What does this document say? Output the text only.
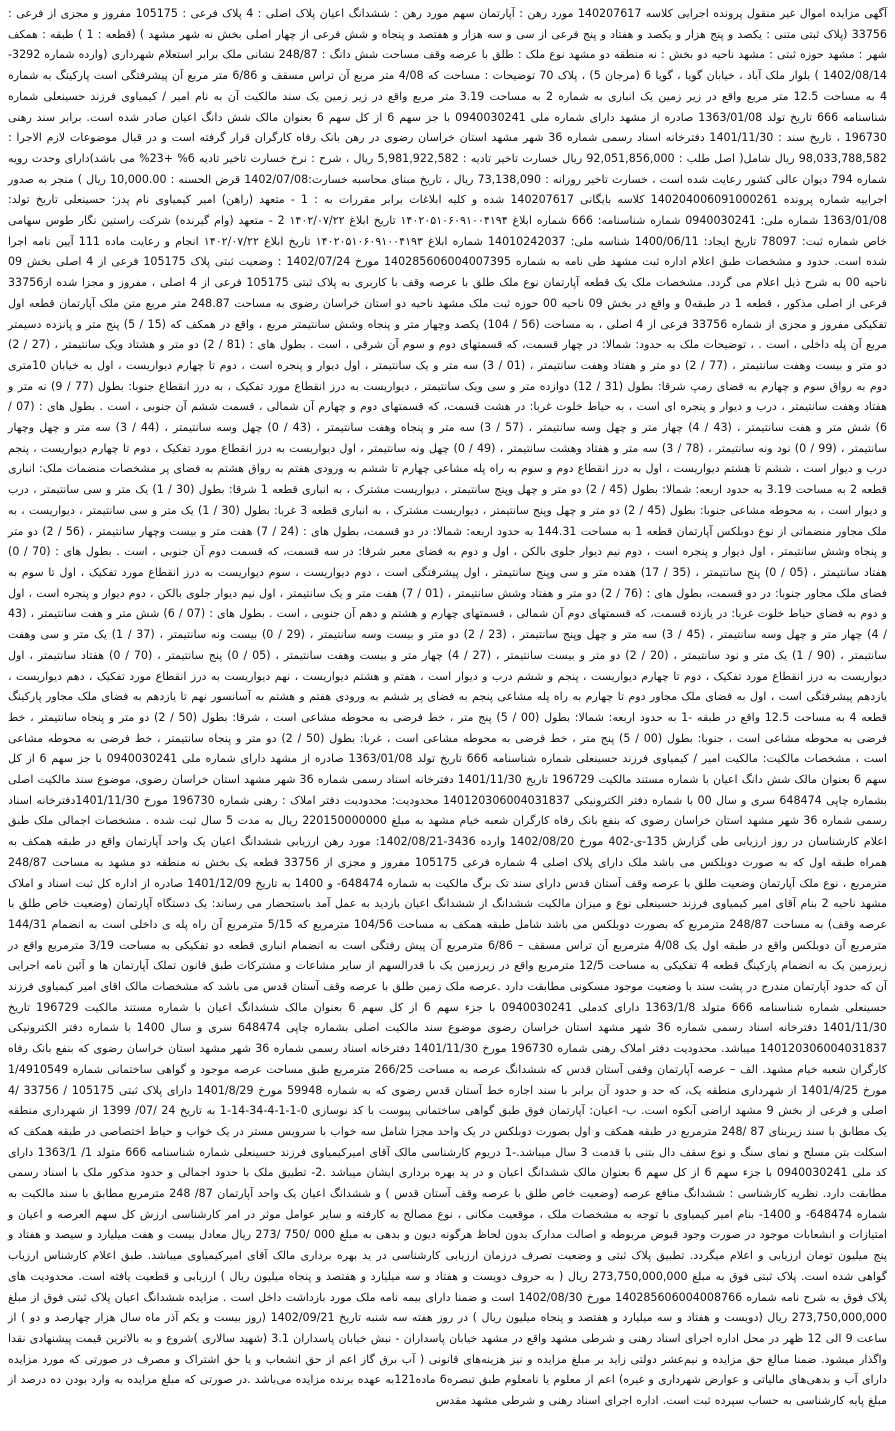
آگهی مزایده اموال غیر منقول پرونده اجرایی کلاسه 140207617 مورد رهن : آپارتمان سهم مورد رهن : ششدانگ اعیان پلاک اصلی : 4 پلاک فرعی : 105175 مفروز و مجزی از فرعی : 33756 (پلاک ثبتی متنی : یکصد و پنج هزار و یکصد و هفتاد و پنج فرعی از سی و سه هزار و هفتصد و پنجاه و شش فرعی از چهار اصلی بخش نه شهر مشهد ) (قطعه : 1 ) طبقه : همکف شهر : مشهد حوزه ثبتی : مشهد ناحیه دو بخش : نه منطقه دو مشهد نوع ملک : طلق با عرصه وقف مساحت شش دانگ : 248/87 نشانی ملک برابر استعلام شهرداری (وارده شماره 3292-1402/08/14 ) بلوار ملک آباد ، خیابان گویا ، گویا 6 (مرجان 5) ، پلاک 70 توضیحات : مساحت که 4/08 متر مربع آن تراس مسقف و 6/86 متر مربع آن پیشرفتگی است پارکینگ به شماره 4 به مساحت 12.5 متر مربع واقع در زیر زمین یک انباری به شماره 2 به مساحت 3.19 متر مربع واقع در زیر زمین یک سند مالکیت آن به نام امیر / کیمیاوی فرزند حسینعلی شماره شناسنامه 666 تاریخ تولد 1363/01/08 صادره از مشهد دارای شماره ملی 0940030241 با جز سهم 6 از کل سهم 6 بعنوان مالک شش دانگ اعیان صادر شده است. برابر سند رهنی 196730 ، تاریخ سند : 1401/11/30 دفترخانه اسناد رسمی شماره 36 شهر مشهد استان خراسان رضوی در رهن بانک رفاه کارگران قرار گرفته است و در قبال موضوعات لازم الاجرا : 98,033,788,582 ریال شامل( اصل طلب : 92,051,856,000 ریال خسارت تاخیر تادیه : 5,981,922,582 ریال ، شرح : نرخ خسارت تاخیر تادیه 6% +23% می باشد)دارای وحدت رویه شماره 794 دیوان عالی کشور رعایت شده است ، خسارت تاخیر روزانه : 73,138,090 ریال ، تاریخ مبنای محاسبه خسارت:1402/07/08 قرض الحسنه : 10,000.00 ریال ) منجر به صدور اجراییه شماره پرونده 140204006091000261 کلاسه بایگانی 140207617 شده و کلیه ابلاغات برابر مقررات به : 1 - متعهد (راهن) امیر کیمیاوی نام پدر: حسینعلی تاریخ تولد: 1363/01/08 شماره ملی: 0940030241 شماره شناسنامه: 666 شماره ابلاغ ۱۴۰۲۰۵۱۰۶۰۹۱۰۰۴۱۹۴ تاریخ ابلاغ ۱۴۰۲/۰۷/۲۲ 2 - متعهد (وام گیرنده) شرکت راستین نگار طوس سهامی خاص شماره ثبت: 78097 تاریخ ایجاد: 1400/06/11 شناسه ملی: 14010242037 شماره ابلاغ ۱۴۰۲۰۵۱۰۶۰۹۱۰۰۴۱۹۳ تاریخ ابلاغ ۱۴۰۲/۰۷/۲۲ انجام و رعایت ماده 111 آیین نامه اجرا شده است. حدود و مشخصات طبق اعلام اداره ثبت مشهد طی نامه به شماره 140285606004007395 مورخ 1402/07/24 : وضعیت ثبتی پلاک 105175 فرعی از 4 اصلی بخش 09 ناحیه 00 به شرح ذیل اعلام می گردد. مشخصات ملک یک قطعه آپارتمان نوع ملک طلق با عرصه وقف با کاربری به پلاک ثبتی 105175 فرعی از 4 اصلی ، مفروز و مجزا شده از33756 فرعی از اصلی مذکور ، قطعه 1 در طبقه0 و واقع در بخش 09 ناحیه 00 حوزه ثبت ملک مشهد ناحیه دو استان خراسان رضوی به مساحت 248.87 متر مربع متن ملک آپارتمان قطعه اول تفکیکی مفروز و مجزی از شماره 33756 فرعی از 4 اصلی ، به مساحت (56 / 104) یکصد وچهار متر و پنجاه وشش سانتیمتر مربع ، واقع در همکف که (15 / 5) پنج متر و پانزده دسیمتر مربع آن پله داخلی ، است . ، توضیحات ملک به حدود: شمالا: در چهار قسمت، که قسمتهای دوم و سوم آن شرقی ، است . بطول های : (81 / 2) دو متر و هشتاد ویک سانتیمتر ، (27 / 2) دو متر و بیست وهفت سانتیمتر ، (77 / 2) دو متر و هفتاد وهفت سانتیمتر ، (01 / 3) سه متر و یک سانتیمتر ، اول دیوار و پنجره است ، دوم تا چهارم دیواریست ، اول به خیابان 10متری دوم به رواق سوم و چهارم به فضای رمپ شرقا: بطول (31 / 12) دوازده متر و سی ویک سانتیمتر ، دیواریست به درز انقطاع مورد تفکیک ، به درز انقطاع جنوبا: بطول (77 / 9) نه متر و هفتاد وهفت سانتیمتر ، درب و دیوار و پنجره ای است ، به حیاط خلوت غربا: در هشت قسمت، که قسمتهای دوم و چهارم آن شمالی ، قسمت ششم آن جنوبی ، است . بطول های : (07 / 6) شش متر و هفت سانتیمتر ، (43 / 4) چهار متر و چهل وسه سانتیمتر ، (57 / 3) سه متر و پنجاه وهفت سانتیمتر ، (43 / 0) چهل وسه سانتیمتر ، (44 / 3) سه متر و چهل وچهار سانتیمتر ، (99 / 0) نود ونه سانتیمتر ، (78 / 3) سه متر و هفتاد وهشت سانتیمتر ، (49 / 0) چهل ونه سانتیمتر ، اول دیواریست به درز انقطاع مورد تفکیک ، دوم تا چهارم دیواریست ، پنجم درب و دیوار است ، ششم تا هشتم دیواریست ، اول به درز انقطاع دوم و سوم به راه پله مشاعی چهارم تا ششم به ورودی هفتم به رواق هشتم به فضای پر مشخصات منضمات ملک: انباری قطعه 2 به مساحت 3.19 به حدود اربعه: شمالا: بطول (45 / 2) دو متر و چهل وپنج سانتیمتر ، دیواریست مشترک ، به انباری قطعه 1 شرقا: بطول (30 / 1) یک متر و سی سانتیمتر ، درب و دیوار است ، به محوطه مشاعی جنوبا: بطول (45 / 2) دو متر و چهل وپنج سانتیمتر ، دیواریست مشترک ، به انباری قطعه 3 غربا: بطول (30 / 1) یک متر و سی سانتیمتر ، دیواریست ، به ملک مجاور منضماتی از نوع دوبلکس آپارتمان قطعه 1 به مساحت 144.31 به حدود اربعه: شمالا: در دو قسمت، بطول های : (24 / 7) هفت متر و بیست وچهار سانتیمتر ، (56 / 2) دو متر و پنجاه وشش سانتیمتر ، اول دیوار و پنجره است ، دوم نیم دیوار جلوی بالکن ، اول و دوم به فضای معبر شرقا: در سه قسمت، که قسمت دوم آن جنوبی ، است . بطول های : (70 / 0) هفتاد سانتیمتر ، (05 / 0) پنج سانتیمتر ، (35 / 17) هفده متر و سی وپنج سانتیمتر ، اول پیشرفتگی است ، دوم دیواریست ، سوم دیواریست به درز انقطاع مورد تفکیک ، اول تا سوم به فضای ملک مجاور جنوبا: در دو قسمت، بطول های : (76 / 2) دو متر و هفتاد وشش سانتیمتر ، (01 / 7) هفت متر و یک سانتیمتر ، اول نیم دیوار جلوی بالکن ، دوم دیوار و پنجره است ، اول و دوم به فضای حیاط خلوت غربا: در یازده قسمت، که قسمتهای دوم آن شمالی ، قسمتهای چهارم و هشتم و دهم آن جنوبی ، است . بطول های : (07 / 6) شش متر و هفت سانتیمتر ، (43 / 4) چهار متر و چهل وسه سانتیمتر ، (45 / 3) سه متر و چهل وپنج سانتیمتر ، (23 / 2) دو متر و بیست وسه سانتیمتر ، (29 / 0) بیست ونه سانتیمتر ، (37 / 1) یک متر و سی وهفت سانتیمتر ، (90 / 1) یک متر و نود سانتیمتر ، (20 / 2) دو متر و بیست سانتیمتر ، (27 / 4) چهار متر و بیست وهفت سانتیمتر ، (05 / 0) پنج سانتیمتر ، (70 / 0) هفتاد سانتیمتر ، اول دیواریست به درز انقطاع مورد تفکیک ، دوم تا چهارم دیواریست ، پنجم و ششم درب و دیوار است ، هفتم و هشتم دیواریست ، نهم دیواریست به درز انقطاع مورد تفکیک ، دهم دیواریست ، یازدهم پیشرفتگی است ، اول به فضای ملک مجاور دوم تا چهارم به راه پله مشاعی پنجم به فضای پر ششم به ورودی هفتم و هشتم به آسانسور نهم تا یازدهم به فضای ملک مجاور پارکینگ قطعه 4 به مساحت 12.5 واقع در طبقه -1 به حدود اربعه: شمالا: بطول (00 / 5) پنج متر ، خط فرضی به محوطه مشاعی است ، شرقا: بطول (50 / 2) دو متر و پنجاه سانتیمتر ، خط فرضی به محوطه مشاعی است ، جنوبا: بطول (00 / 5) پنج متر ، خط فرضی به محوطه مشاعی است ، غربا: بطول (50 / 2) دو متر و پنجاه سانتیمتر ، خط فرضی به محوطه مشاعی است ، مشخصات مالکیت: مالکیت امیر / کیمیاوی فرزند حسینعلی شماره شناسنامه 666 تاریخ تولد 1363/01/08 صادره از مشهد دارای شماره ملی 0940030241 با جز سهم 6 از کل سهم 6 بعنوان مالک شش دانگ اعیان با شماره مستند مالکیت 196729 تاریخ 1401/11/30 دفترخانه اسناد رسمی شماره 36 شهر مشهد استان خراسان رضوی، موضوع سند مالکیت اصلی بشماره چاپی 648474 سری و سال 00 با شماره دفتر الکترونیکی 140120306004031837 محدودیت: محدودیت دفتر املاک : رهنی شماره 196730 مورخ 1401/11/30دفترخانه اسناد رسمی شماره 36 شهر مشهد استان خراسان رضوی که بنفع بانک رفاه کارگران شعبه خیام مشهد به مبلغ 220150000000 ریال به مدت 5 سال ثبت شده . مشخصات اجمالی ملک طبق اعلام کارشناسان در روز ارزیابی طی گزارش 135-ی-402 مورخ 1402/08/20 وارده 3436-1402/08/21: مورد رهن ارزیابی ششدانگ اعیان یک واحد آپارتمان واقع در طبقه همکف به همراه طبقه اول که به صورت دوبلکس می باشد ملک دارای پلاک اصلی 4 شماره فرعی 105175 مفروز و مجزی از 33756 قطعه یک بخش نه منطقه دو مشهد به مساحت 248/87 مترمربع ، نوع ملک آپارتمان وضعیت طلق با عرصه وقف آستان قدس دارای سند تک برگ مالکیت به شماره 648474- و 1400 به تاریخ 1401/12/09 صادره از اداره کل ثبت اسناد و املاک مشهد ناحیه 2 بنام آقای امیر کیمیاوی فرزند حسینعلی نوع و میزان مالکیت ششدانگ از ششدانگ اعیان بازدید به عمل آمد باستحضار می رساند: یک دستگاه آپارتمان (وضعیت خاص طلق با عرصه وقف) به مساحت 248/87 مترمربع که بصورت دوبلکس می باشد شامل طبقه همکف به مساحت 104/56 مترمربع که 5/15 مترمربع آن راه پله ی داخلی است به انضمام 144/31 مترمربع آن دوبلکس واقع در طبقه اول یک 4/08 مترمربع آن تراس مسقف – 6/86 مترمربع آن پیش رفتگی است به انضمام انباری قطعه دو تفکیکی به مساحت 3/19 مترمربع واقع در زیرزمین یک به انضمام پارکینگ قطعه 4 تفکیکی به مساحت 12/5 مترمربع واقع در زیرزمین یک با قدرالسهم از سایر مشاعات و مشترکات طبق قانون تملک آپارتمان ها و آئین نامه اجرایی آن که حدود آپارتمان مندرج در پشت سند با وضعیت موجود مسکونی مطابقت دارد .عرصه ملک زمین طلق با عرصه وقف آستان قدس می باشد که مشخصات مالک اقای امیر کیمیاوی فرزند حسینعلی شماره شناسنامه 666 متولد 1363/1/8 دارای کدملی 0940030241 با جزء سهم 6 از کل سهم 6 بعنوان مالک ششدانگ اعیان با شماره مستند مالکیت 196729 تاریخ 1401/11/30 دفترخانه اسناد رسمی شماره 36 شهر مشهد استان خراسان رضوی موضوع سند مالکیت اصلی بشماره چاپی 648474 سری و سال 1400 با شماره دفتر الکترونیکی 140120306004031837 میباشد. محدودیت دفتر املاک رهنی شماره 196730 مورخ 1401/11/30 دفترخانه اسناد رسمی شماره 36 شهر مشهد استان خراسان رضوی که بنفع بانک رفاه کارگران شعبه خیام مشهد. الف – عرصه آپارتمان وقفی آستان قدس که ششدانگ عرصه به مساحت 266/25 مترمربع طبق مساحت عرصه موجود و گواهی ساختمانی شماره 1/4910549 مورخ 1401/4/25 از شهرداری منطقه یک، که حد و حدود آن برابر با سند اجاره خط آستان قدس رضوی که به شماره 59948 مورخ 1401/8/29 دارای پلاک ثبتی 105175 / 33756 /4 اصلی و فرعی از بخش 9 مشهد اراضی آبکوه است. ب- اعیان: آپارتمان فوق طبق گواهی ساختمانی پیوست با کد نوسازی 0-1-1-4-34-14-1 به تاریخ 24 /07/ 1399 از شهرداری منطقه یک مطابق با سند زیربنای 87 /248 مترمربع در طبقه همکف و اول بصورت دوبلکس در یک واحد مجزا شامل سه خواب با سرویس مستر در یک خواب و حیاط اختصاصی در طبقه همکف که اسکلت بتن مسلح و نمای سنگ و نوع سقف دال بتنی با قدمت 3 سال میباشد.-1 دریوم کارشناسی مالک آقای امیرکیمیاوی فرزند حسینعلی شماره شناسنامه 666 متولد 1/ 1363/1 دارای کد ملی 0940030241 با جزء سهم 6 از کل سهم 6 بعنوان مالک ششدانگ اعیان و در ید بهره برداری ایشان میباشد .2- تطبیق ملک با حدود اجمالی و حدود مذکور ملک با اسناد رسمی مطابقت دارد. نظریه کارشناسی : ششدانگ منافع عرصه (وضعیت خاص طلق با عرصه وقف آستان قدس ) و ششدانگ اعیان یک واحد آپارتمان 87/ 248 مترمربع مطابق با سند مالکیت به شماره 648474- و 1400- بنام امیر کیمیاوی با توجه به مشخصات ملک ، موقعیت مکانی ، نوع مصالح به کارفته و سایر عوامل موثر در امر کارشناسی ارزش کل سهم العرصه و اعیان و امتیازات و انشعابات موجود در صورت وجود قبوض مربوطه و اصالت مدارک بدون لحاظ هرگونه دیون و بدهی به مبلغ 000 /750 /273 ریال معادل بیست و هفت میلیارد و سیصد و هفتاد و پنج میلیون تومان ارزیابی و اعلام میگردد. تطبیق پلاک ثبتی و وضعیت تصرف درزمان ارزیابی کارشناسی در ید بهره برداری مالک آقای امیرکیمیاوی میباشد. طبق اعلام کارشناس ارزیاب گواهی شده است. پلاک ثبتی فوق به مبلغ 273,750,000,000 ریال ( به حروف دویست و هفتاد و سه میلیارد و هفتصد و پنجاه میلیون ریال ) ارزیابی و قطعیت یافته است. محدودیت های پلاک فوق به شرح نامه شماره 140285606004008766 مورخ 1402/08/30 است و ضمنا دارای بیمه نامه ملک مورد بازداشت داخل است . مزایده ششدانگ اعیان پلاک ثبتی فوق از مبلغ 273,750,000,000 ریال (دویست و هفتاد و سه میلیارد و هفتصد و پنجاه میلیون ریال ) در روز هفته سه شنبه تاریخ 1402/09/21 (روز بیست و یکم آذر ماه سال هزار چهارصد و دو ) از ساعت 9 الی 12 ظهر در محل اداره اجرای اسناد رهنی و شرطی مشهد واقع در مشهد خیابان پاسداران - نبش خیابان پاسداران 3.1 (شهید سالاری )شروع و به بالاترین قیمت پیشنهادی نقدا واگذار میشود. ضمنا مبالغ حق مزایده و نیم‌عشر دولتی زاید بر مبلغ مزایده و نیز هزینه‌های قانونی ( آب برق گاز اعم از حق انشعاب و یا حق اشتراک و مصرف در صورتی که مورد مزایده دارای آب و بدهی‌های مالیاتی و عوارض شهرداری و غیره) اعم از معلوم یا نامعلوم طبق تبصره6 ماده121به عهده برنده مزایده می‌باشد .در صورتی که مبلغ مزایده به وارد بودن ده درصد از مبلغ پایه کارشناسی به حساب سپرده ثبت است. اداره اجرای اسناد رهنی و شرطی مشهد مقدس
